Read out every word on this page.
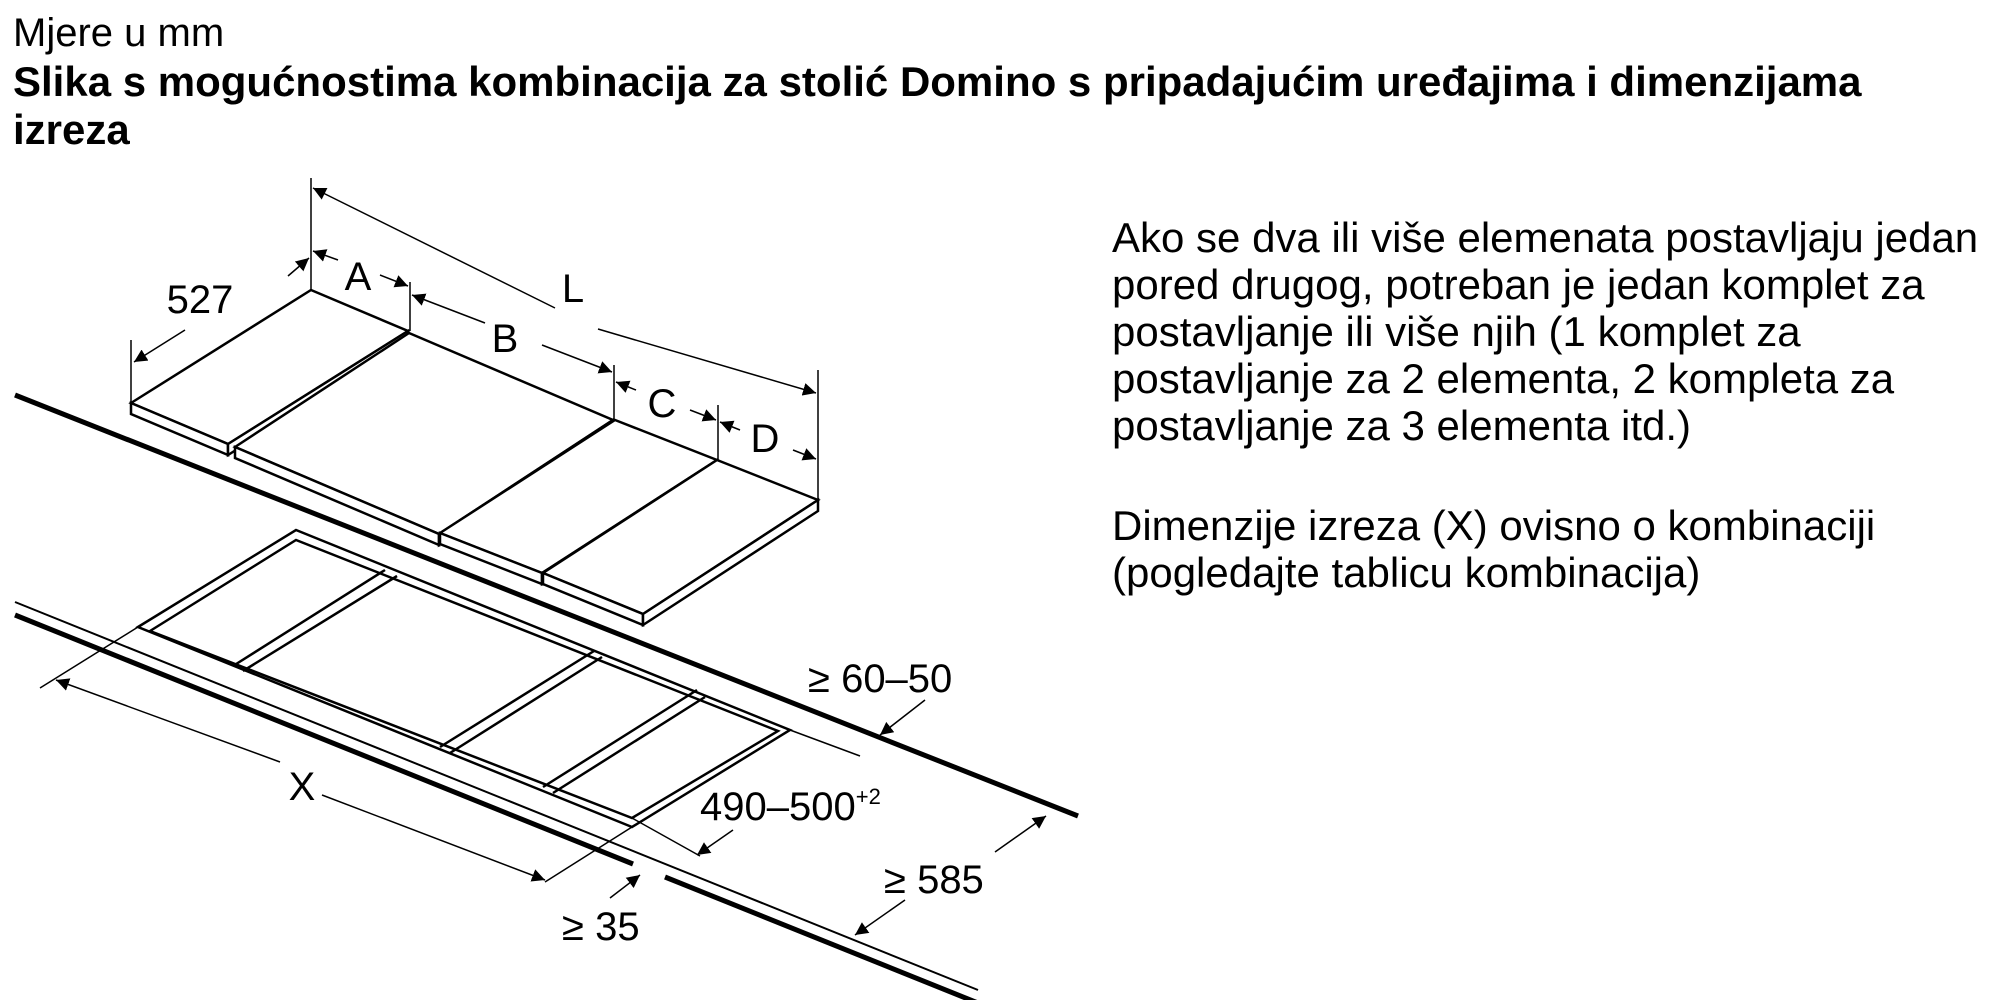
Mjere u mm
Slika s mogućnostima kombinacija za stolić Domino s pripadajućim uređajima i dimenzijama izreza

Ako se dva ili više elemenata postavljaju jedan pored drugog, potreban je jedan komplet za postavljanje ili više njih (1 komplet za postavljanje za 2 elementa, 2 kompleta za postavljanje za 3 elementa itd.)

Dimenzije izreza (X) ovisno o kombinaciji (pogledajte tablicu kombinacija)

527
A
B
C
D
L
X
≥ 60–50
$490-500^{+2}$
≥ 585
≥ 35
